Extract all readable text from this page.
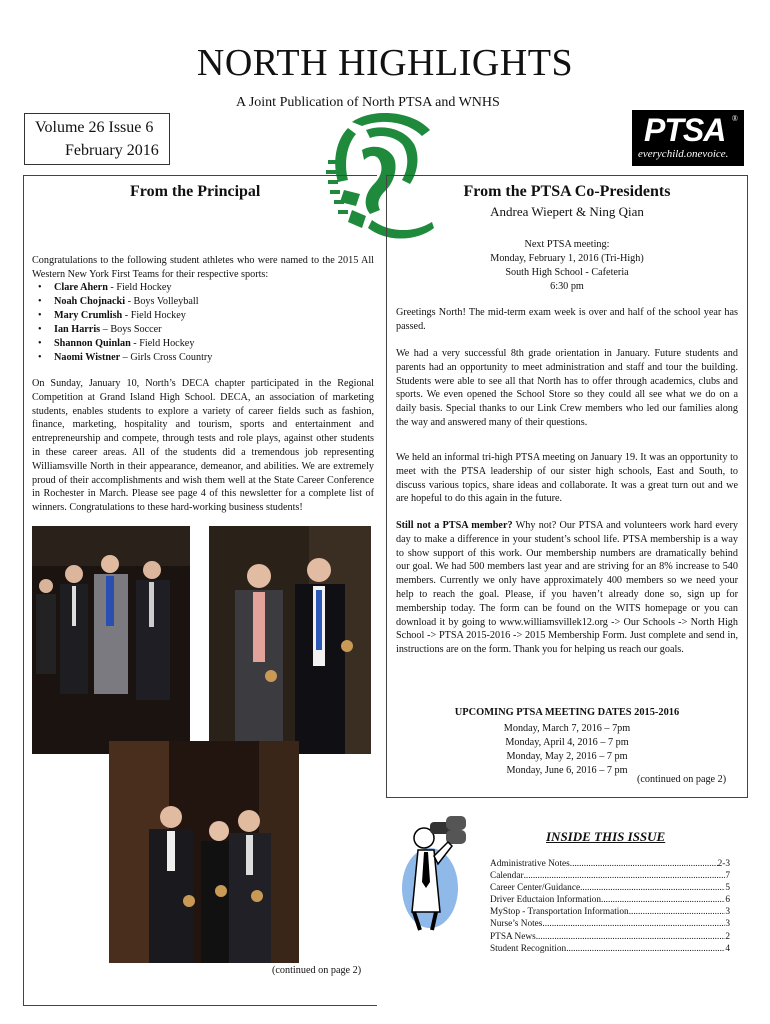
NORTH HIGHLIGHTS
A Joint Publication of North PTSA and WNHS
Volume 26 Issue 6
February 2016
PTSA ®
everychild.onevoice.
From the Principal
Congratulations to the following student athletes who were named to the 2015 All Western New York First Teams for their respective sports:
• Clare Ahern - Field Hockey
• Noah Chojnacki - Boys Volleyball
• Mary Crumlish - Field Hockey
• Ian Harris – Boys Soccer
• Shannon Quinlan - Field Hockey
• Naomi Wistner – Girls Cross Country
On Sunday, January 10, North’s DECA chapter participated in the Regional Competition at Grand Island High School. DECA, an association of marketing students, enables students to explore a variety of career fields such as fashion, finance, marketing, hospitality and tourism, sports and entertainment and entrepreneurship and compete, through tests and role plays, against other students in these career areas. All of the students did a tremendous job representing Williamsville North in their appearance, demeanor, and abilities. We are extremely proud of their accomplishments and wish them well at the State Career Conference in Rochester in March. Please see page 4 of this newsletter for a complete list of winners. Congratulations to these hard-working business students!
(continued on page 2)
From the PTSA Co-Presidents
Andrea Wiepert & Ning Qian
Next PTSA meeting:
Monday, February 1, 2016 (Tri-High)
South High School - Cafeteria
6:30 pm
Greetings North! The mid-term exam week is over and half of the school year has passed.
We had a very successful 8th grade orientation in January. Future students and parents had an opportunity to meet administration and staff and tour the building. Students were able to see all that North has to offer through academics, clubs and sports. We even opened the School Store so they could all see what we do on a daily basis. Special thanks to our Link Crew members who led our families along the way and answered many of their questions.
We held an informal tri-high PTSA meeting on January 19. It was an opportunity to meet with the PTSA leadership of our sister high schools, East and South, to discuss various topics, share ideas and collaborate. It was a great turn out and we are hopeful to do this again in the future.
Still not a PTSA member? Why not? Our PTSA and volunteers work hard every day to make a difference in your student’s school life. PTSA membership is a way to show support of this work. Our membership numbers are dramatically behind our goal. We had 500 members last year and are striving for an 8% increase to 540 members. Currently we only have approximately 400 members so we need your help to reach the goal. Please, if you haven’t already done so, sign up for membership today. The form can be found on the WITS homepage or you can download it by going to www.williamsvillek12.org -> Our Schools -> North High School -> PTSA 2015-2016 -> 2015 Membership Form. Just complete and send in, instructions are on the form. Thank you for helping us reach our goals.
UPCOMING PTSA MEETING DATES 2015-2016
Monday, March 7, 2016 – 7pm
Monday, April 4, 2016 – 7 pm
Monday, May 2, 2016 – 7 pm
Monday, June 6, 2016 – 7 pm
(continued on page 2)
INSIDE THIS ISSUE
Administrative Notes .....	2-3
Calendar .....	7
Career Center/Guidance .....	5
Driver Eductaion Information .....	6
MyStop - Transportation Information .....	3
Nurse’s Notes .....	3
PTSA News .....	2
Student Recognition .....	4
